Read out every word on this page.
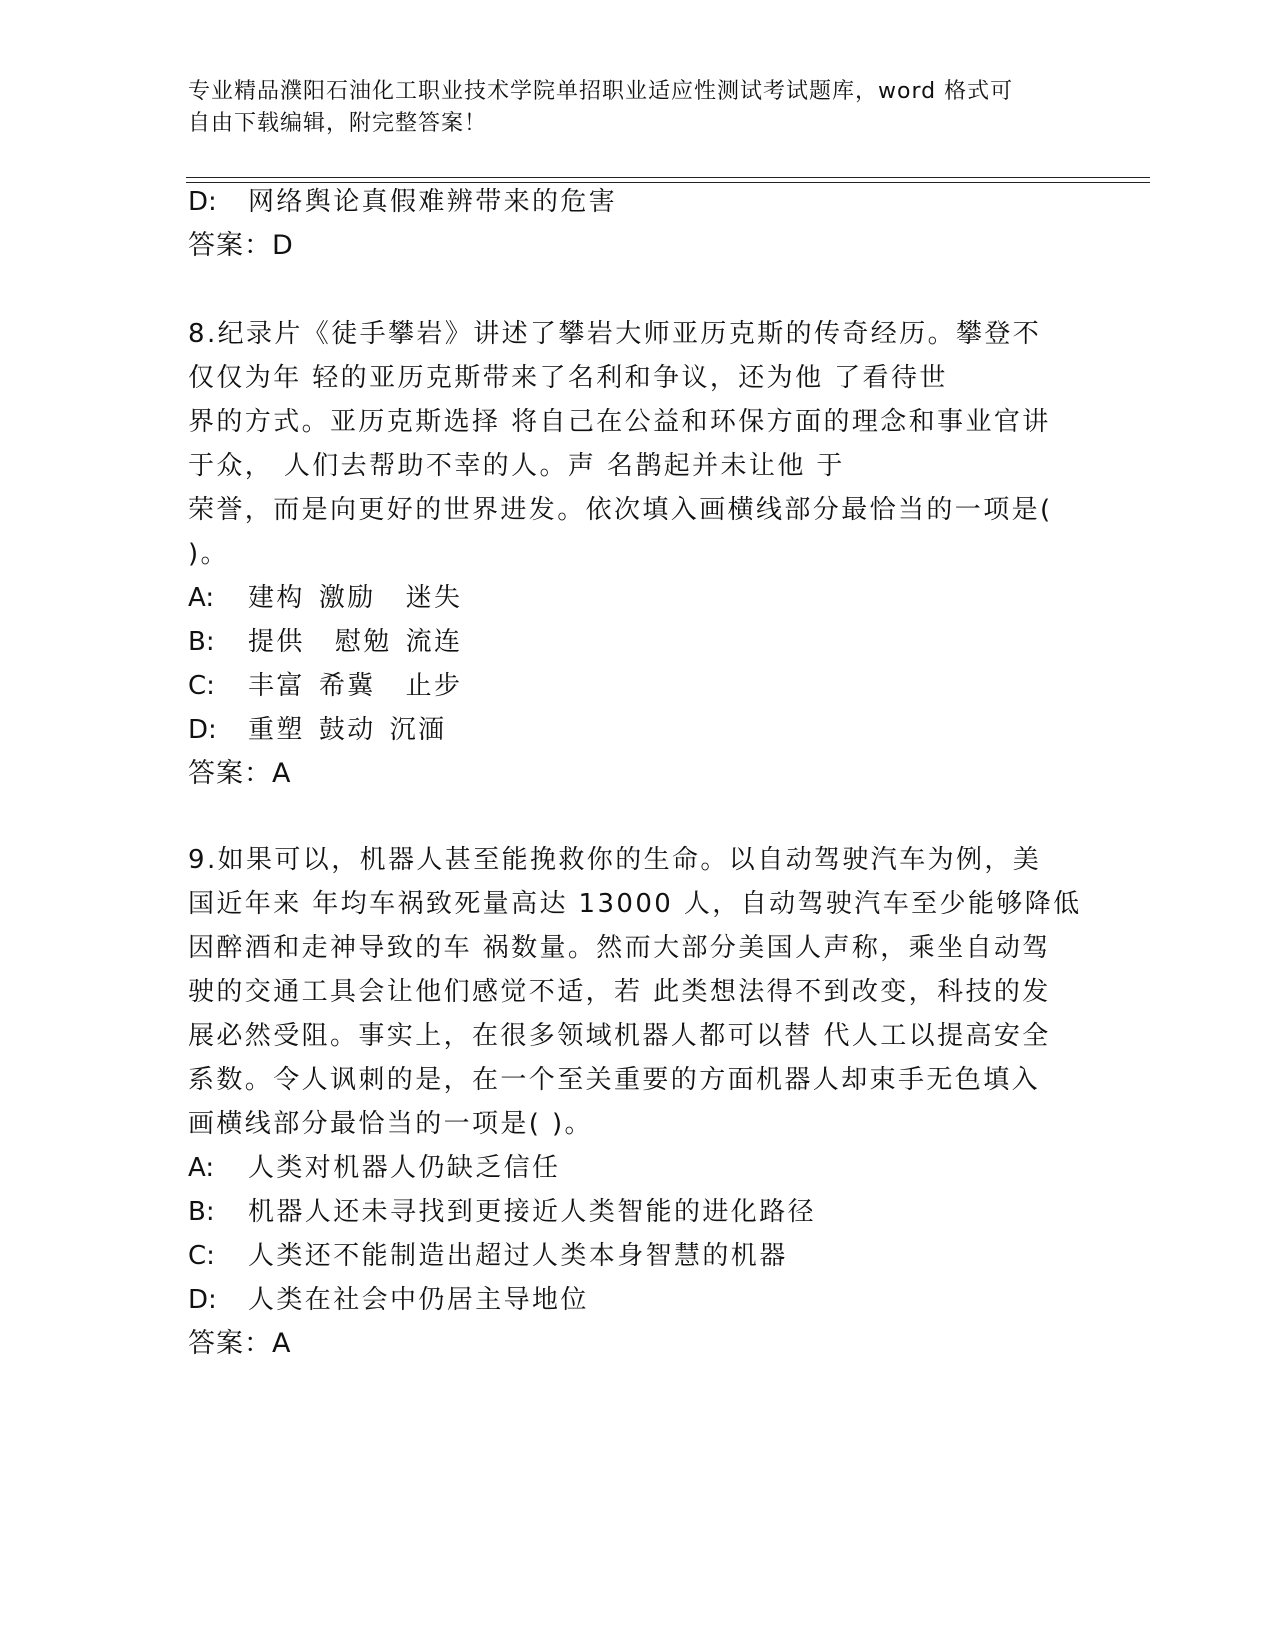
专业精品濮阳石油化工职业技术学院单招职业适应性测试考试题库，word 格式可
自由下载编辑，附完整答案！
D: 网络舆论真假难辨带来的危害
答案：D
8.纪录片《徒手攀岩》讲述了攀岩大师亚历克斯的传奇经历。攀登不
仅仅为年 轻的亚历克斯带来了名利和争议，还为他 了看待世
界的方式。亚历克斯选择 将自己在公益和环保方面的理念和事业官讲
于众， 人们去帮助不幸的人。声 名鹊起并未让他 于
荣誉，而是向更好的世界进发。依次填入画横线部分最恰当的一项是(
)。
A: 建构 激励 迷失
B: 提供 慰勉 流连
C: 丰富 希冀 止步
D: 重塑 鼓动 沉湎
答案：A
9.如果可以，机器人甚至能挽救你的生命。以自动驾驶汽车为例，美
国近年来 年均车祸致死量高达 13000 人，自动驾驶汽车至少能够降低
因醉酒和走神导致的车 祸数量。然而大部分美国人声称，乘坐自动驾
驶的交通工具会让他们感觉不适，若 此类想法得不到改变，科技的发
展必然受阻。事实上，在很多领域机器人都可以替 代人工以提高安全
系数。令人讽刺的是，在一个至关重要的方面机器人却束手无色填入
画横线部分最恰当的一项是( )。
A: 人类对机器人仍缺乏信任
B: 机器人还未寻找到更接近人类智能的进化路径
C: 人类还不能制造出超过人类本身智慧的机器
D: 人类在社会中仍居主导地位
答案：A
